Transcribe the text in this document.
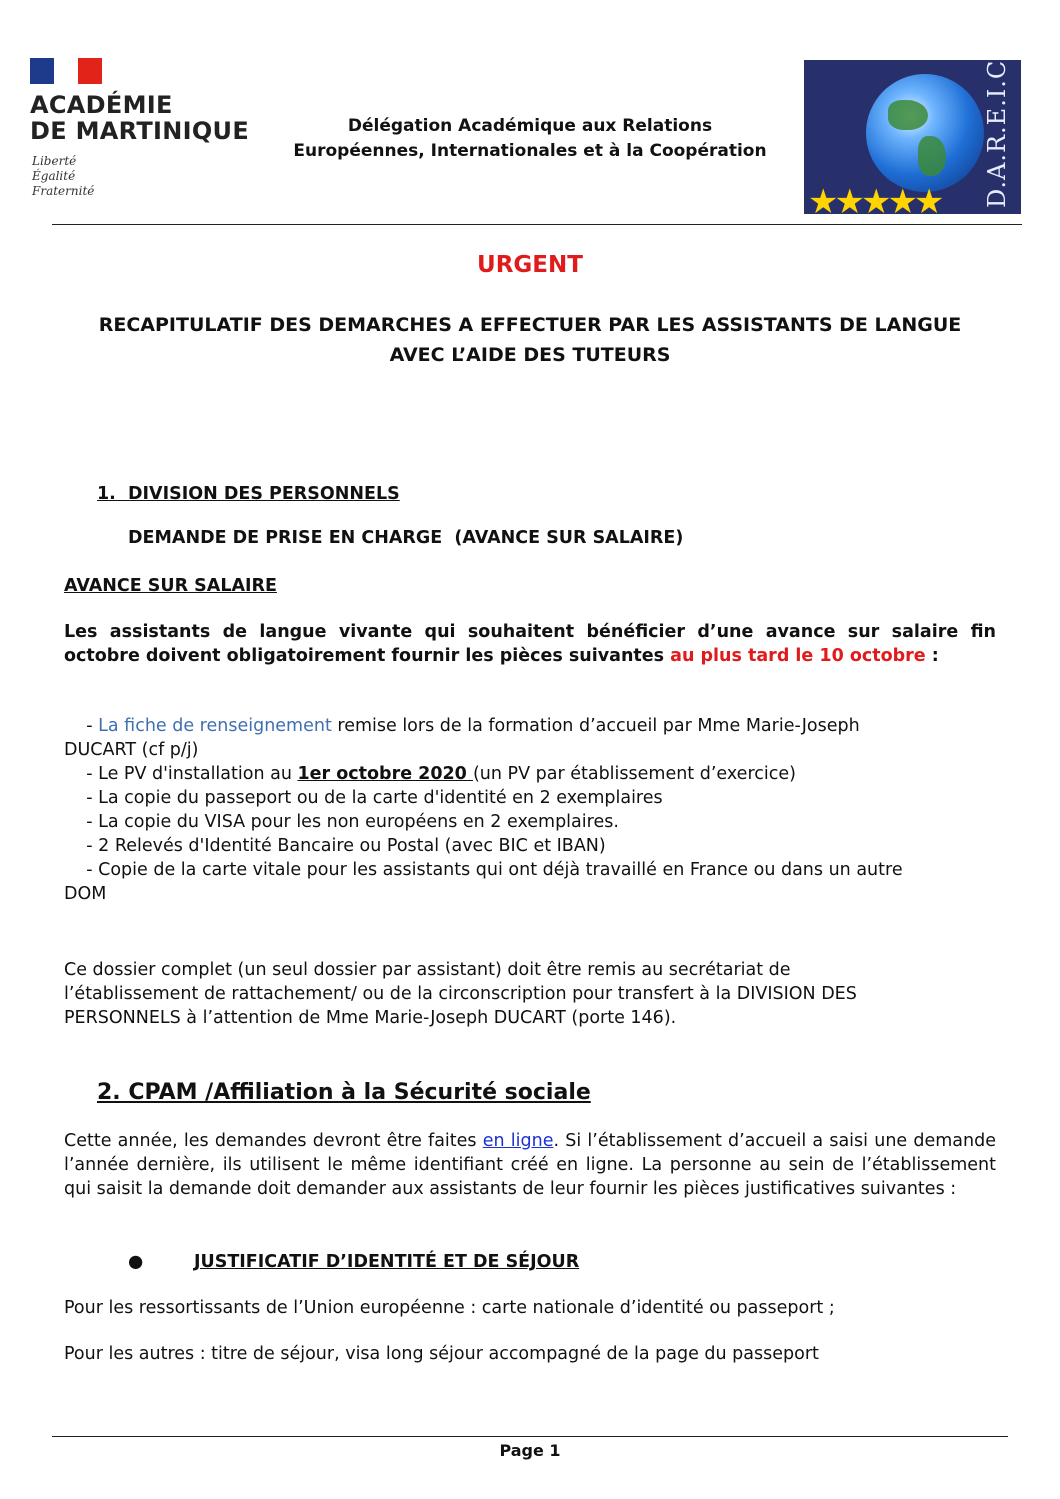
ACADÉMIE
DE MARTINIQUE
Liberté
Égalité
Fraternité
Délégation Académique aux Relations
Européennes, Internationales et à la Coopération
★★★★★ D.A.R.E.I.C
URGENT
RECAPITULATIF DES DEMARCHES A EFFECTUER PAR LES ASSISTANTS DE LANGUE
AVEC L’AIDE DES TUTEURS
1.  DIVISION DES PERSONNELS
DEMANDE DE PRISE EN CHARGE  (AVANCE SUR SALAIRE)
AVANCE SUR SALAIRE
Les assistants de langue vivante qui souhaitent bénéficier d’une avance sur salaire fin
octobre doivent obligatoirement fournir les pièces suivantes au plus tard le 10 octobre :
- La fiche de renseignement remise lors de la formation d’accueil par Mme Marie-Joseph
DUCART (cf p/j)
- Le PV d'installation au 1er octobre 2020 (un PV par établissement d’exercice)
- La copie du passeport ou de la carte d'identité en 2 exemplaires
- La copie du VISA pour les non européens en 2 exemplaires.
- 2 Relevés d'Identité Bancaire ou Postal (avec BIC et IBAN)
- Copie de la carte vitale pour les assistants qui ont déjà travaillé en France ou dans un autre
DOM
Ce dossier complet (un seul dossier par assistant) doit être remis au secrétariat de
l’établissement de rattachement/ ou de la circonscription pour transfert à la DIVISION DES
PERSONNELS à l’attention de Mme Marie-Joseph DUCART (porte 146).
2. CPAM /Affiliation à la Sécurité sociale
Cette année, les demandes devront être faites en ligne. Si l’établissement d’accueil a saisi une demande l’année dernière, ils utilisent le même identifiant créé en ligne. La personne au sein de l’établissement qui saisit la demande doit demander aux assistants de leur fournir les pièces justificatives suivantes :
●	JUSTIFICATIF D’IDENTITÉ ET DE SÉJOUR
Pour les ressortissants de l’Union européenne : carte nationale d’identité ou passeport ;
Pour les autres : titre de séjour, visa long séjour accompagné de la page du passeport
Page 1
